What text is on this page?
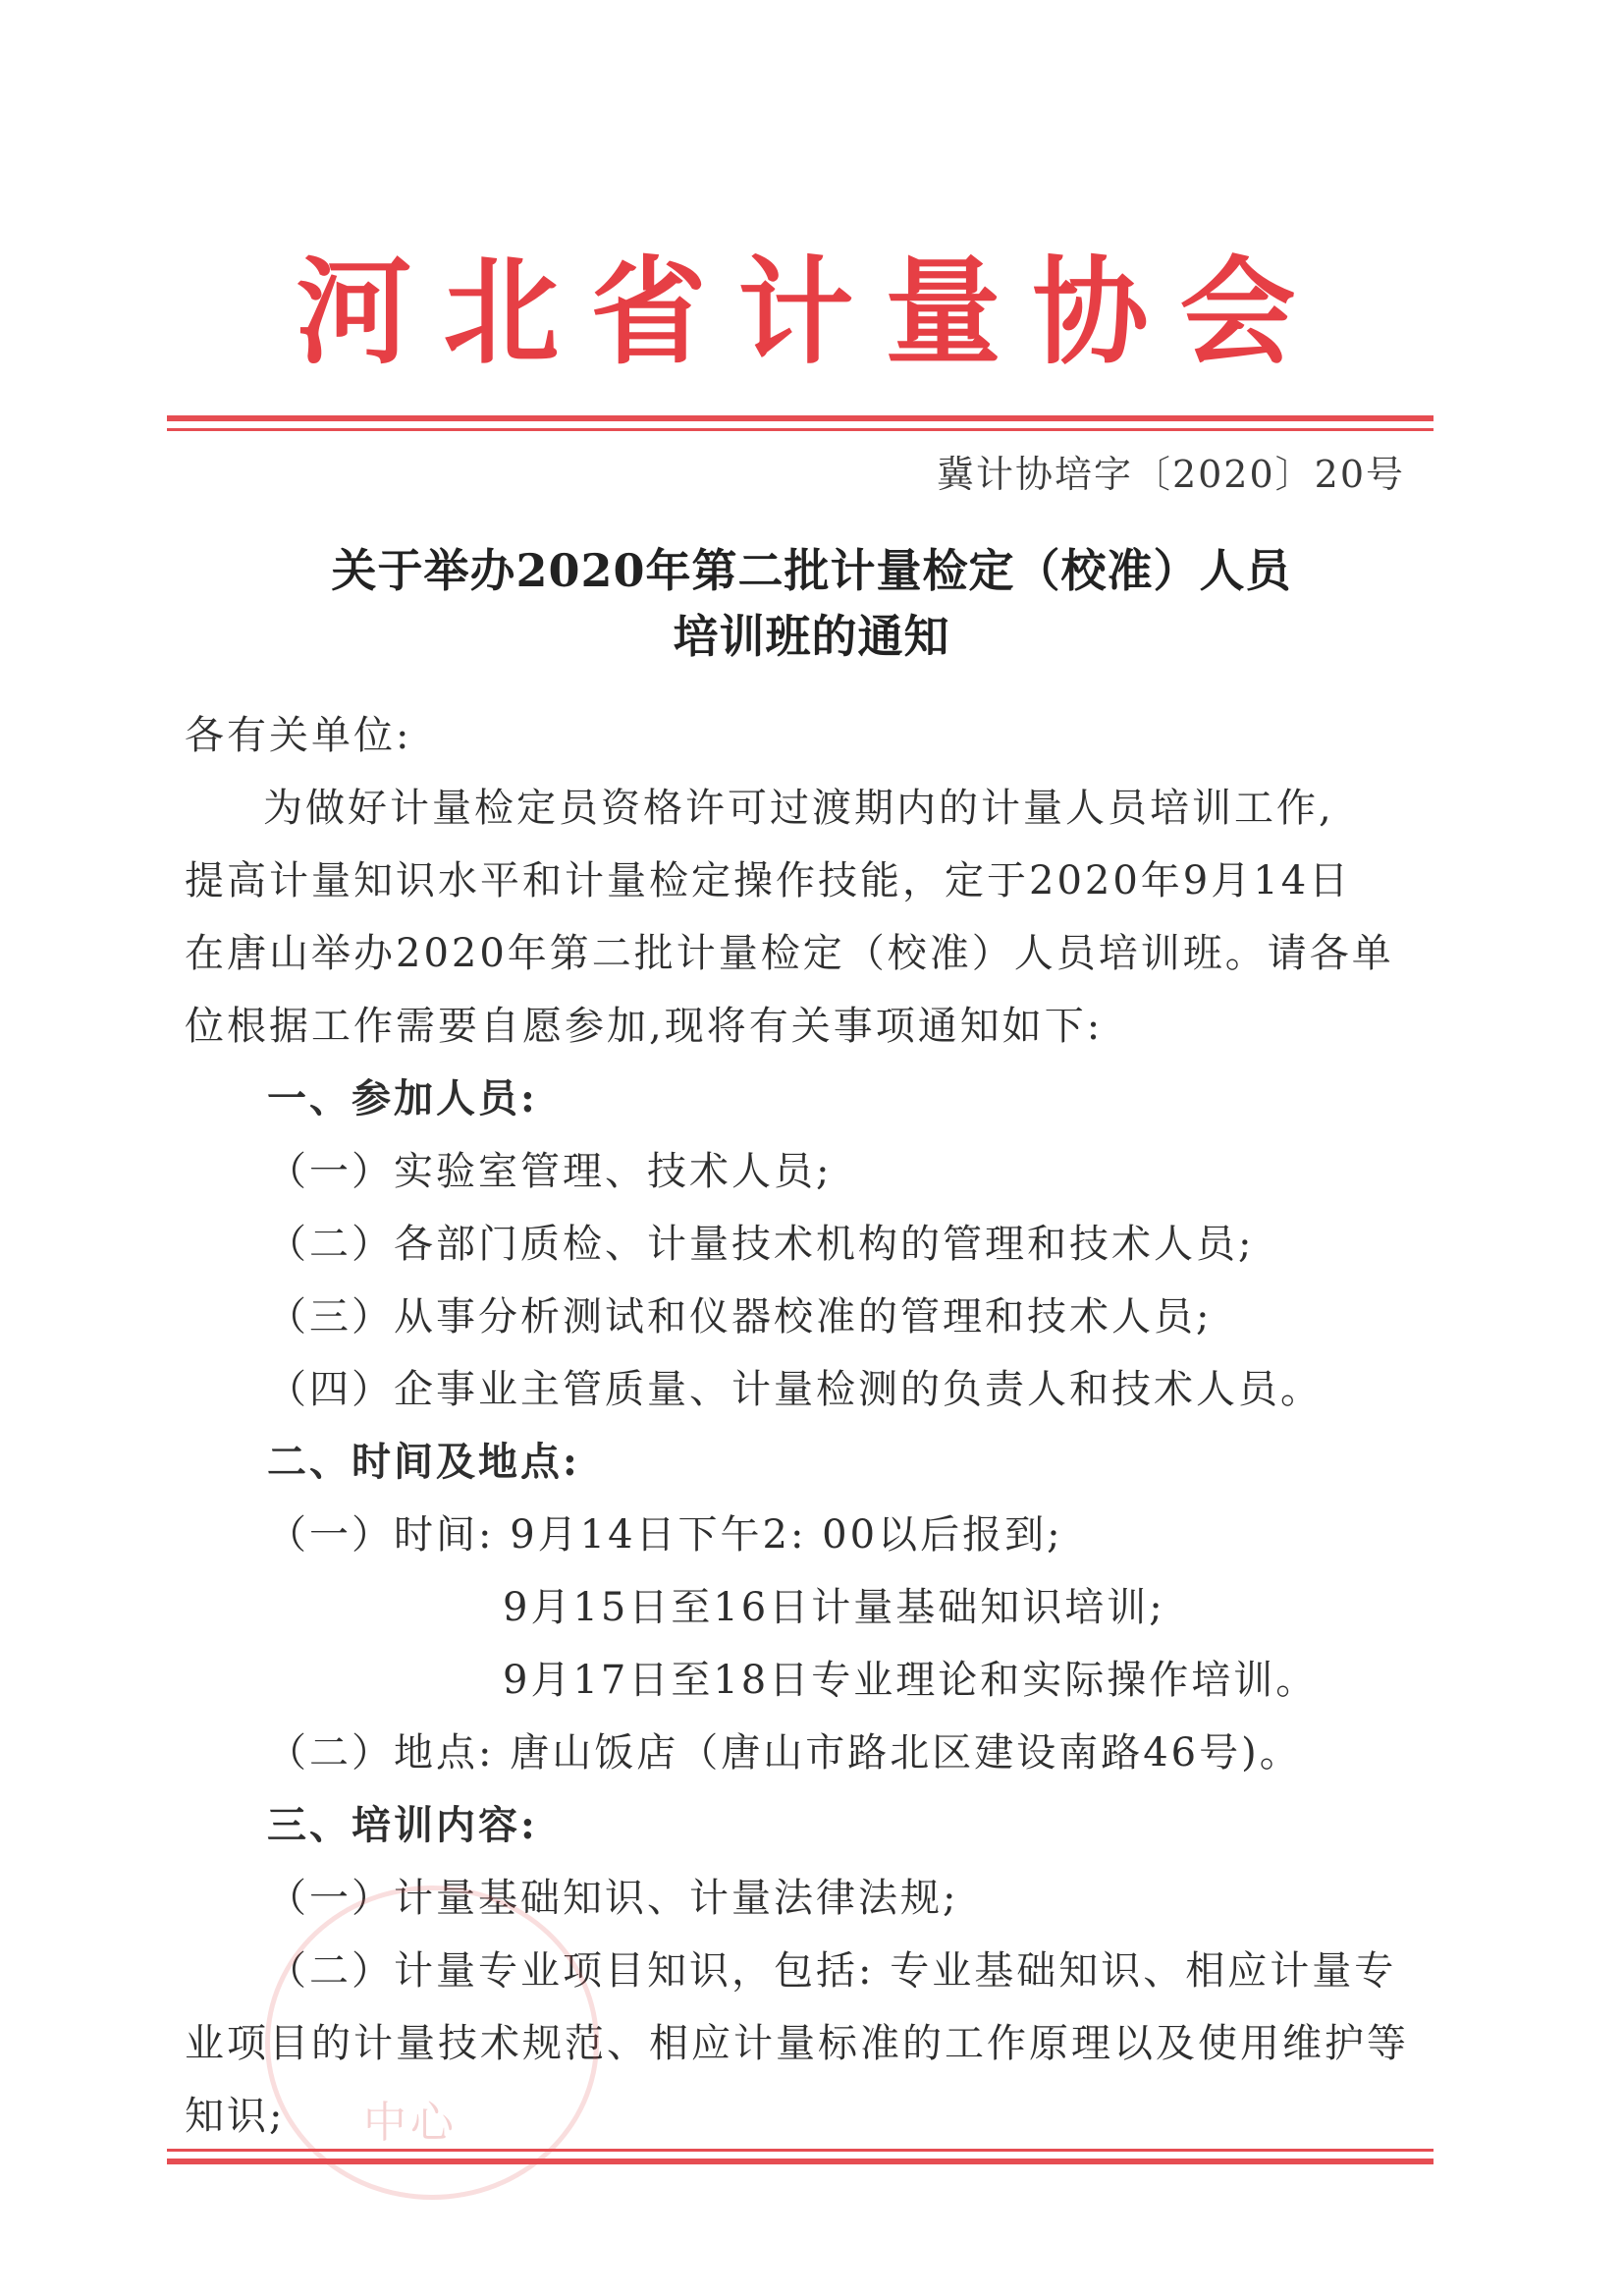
河北省计量协会
冀计协培字〔2020〕20号
关于举办2020年第二批计量检定（校准）人员
培训班的通知
各有关单位:
为做好计量检定员资格许可过渡期内的计量人员培训工作,
提高计量知识水平和计量检定操作技能，定于2020年9月14日
在唐山举办2020年第二批计量检定（校准）人员培训班。请各单
位根据工作需要自愿参加,现将有关事项通知如下:
一、参加人员:
（一）实验室管理、技术人员;
（二）各部门质检、计量技术机构的管理和技术人员;
（三）从事分析测试和仪器校准的管理和技术人员;
（四）企事业主管质量、计量检测的负责人和技术人员。
二、时间及地点:
（一）时间: 9月14日下午2: 00以后报到;
9月15日至16日计量基础知识培训;
9月17日至18日专业理论和实际操作培训。
（二）地点: 唐山饭店（唐山市路北区建设南路46号)。
三、培训内容:
（一）计量基础知识、计量法律法规;
（二）计量专业项目知识，包括: 专业基础知识、相应计量专
业项目的计量技术规范、相应计量标准的工作原理以及使用维护等
知识; 中心
